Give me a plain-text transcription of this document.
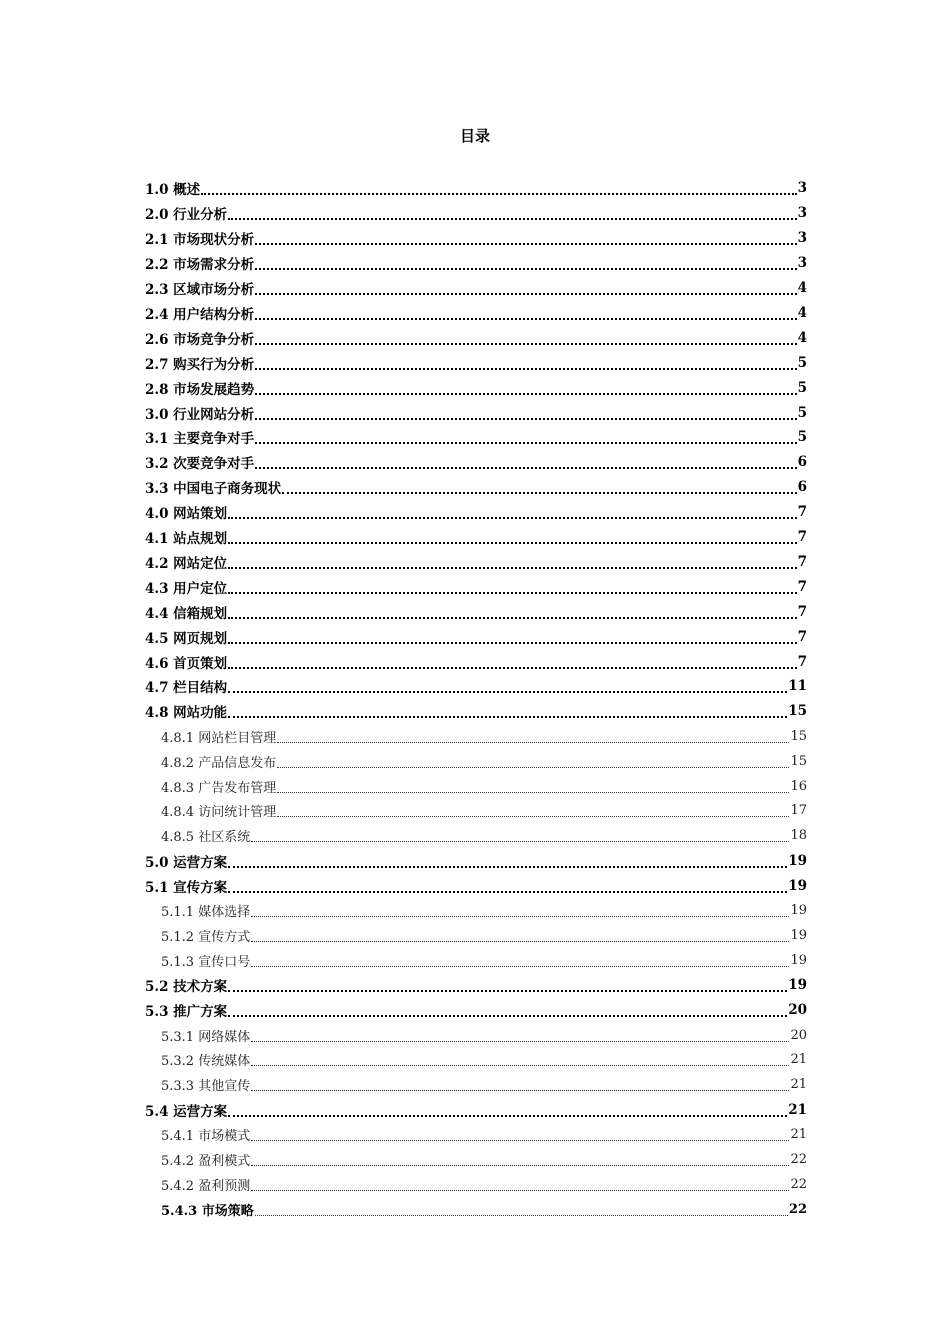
目录
1.0 概述	3
2.0 行业分析	3
2.1 市场现状分析	3
2.2 市场需求分析	3
2.3 区域市场分析	4
2.4 用户结构分析	4
2.6 市场竞争分析	4
2.7 购买行为分析	5
2.8 市场发展趋势	5
3.0 行业网站分析	5
3.1 主要竞争对手	5
3.2 次要竞争对手	6
3.3 中国电子商务现状	6
4.0 网站策划	7
4.1 站点规划	7
4.2 网站定位	7
4.3 用户定位	7
4.4 信箱规划	7
4.5 网页规划	7
4.6 首页策划	7
4.7 栏目结构	11
4.8 网站功能	15
4.8.1 网站栏目管理	15
4.8.2 产品信息发布	15
4.8.3 广告发布管理	16
4.8.4 访问统计管理	17
4.8.5 社区系统	18
5.0 运营方案	19
5.1 宣传方案	19
5.1.1 媒体选择	19
5.1.2 宣传方式	19
5.1.3 宣传口号	19
5.2 技术方案	19
5.3 推广方案	20
5.3.1 网络媒体	20
5.3.2 传统媒体	21
5.3.3 其他宣传	21
5.4 运营方案	21
5.4.1 市场模式	21
5.4.2 盈利模式	22
5.4.2 盈利预测	22
5.4.3 市场策略	22
